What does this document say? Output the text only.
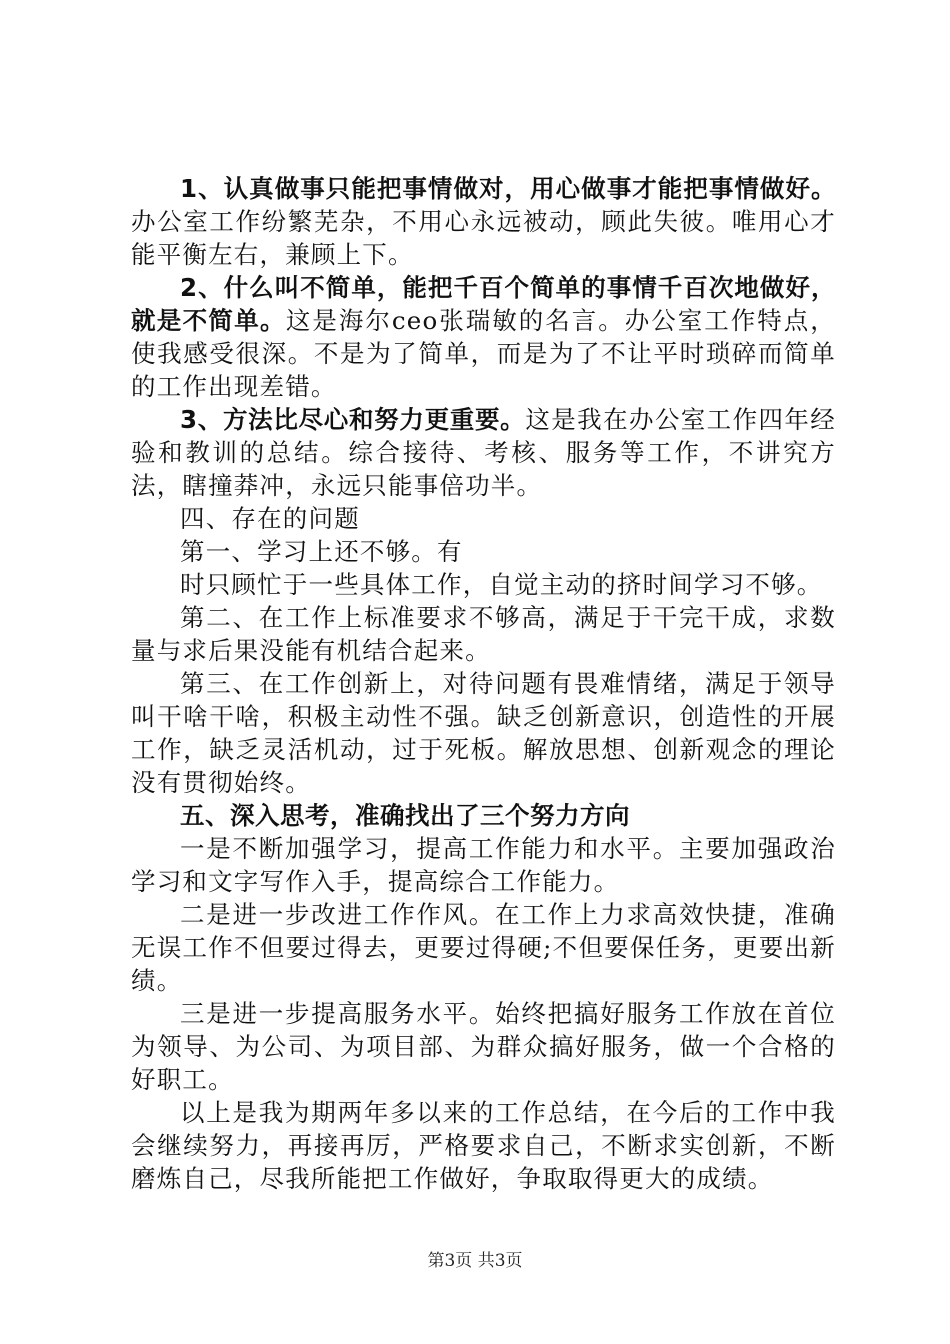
1、认真做事只能把事情做对，用心做事才能把事情做好。办公室工作纷繁芜杂，不用心永远被动，顾此失彼。唯用心才能平衡左右，兼顾上下。

2、什么叫不简单，能把千百个简单的事情千百次地做好，就是不简单。这是海尔ceo张瑞敏的名言。办公室工作特点，使我感受很深。不是为了简单，而是为了不让平时琐碎而简单的工作出现差错。

3、方法比尽心和努力更重要。这是我在办公室工作四年经验和教训的总结。综合接待、考核、服务等工作，不讲究方法，瞎撞莽冲，永远只能事倍功半。

四、存在的问题

第一、学习上还不够。有

时只顾忙于一些具体工作，自觉主动的挤时间学习不够。

第二、在工作上标准要求不够高，满足于干完干成，求数量与求后果没能有机结合起来。

第三、在工作创新上，对待问题有畏难情绪，满足于领导叫干啥干啥，积极主动性不强。缺乏创新意识，创造性的开展工作，缺乏灵活机动，过于死板。解放思想、创新观念的理论没有贯彻始终。

五、深入思考，准确找出了三个努力方向

一是不断加强学习，提高工作能力和水平。主要加强政治学习和文字写作入手，提高综合工作能力。

二是进一步改进工作作风。在工作上力求高效快捷，准确无误工作不但要过得去，更要过得硬;不但要保任务，更要出新绩。

三是进一步提高服务水平。始终把搞好服务工作放在首位为领导、为公司、为项目部、为群众搞好服务，做一个合格的好职工。

以上是我为期两年多以来的工作总结，在今后的工作中我会继续努力，再接再厉，严格要求自己，不断求实创新，不断磨炼自己，尽我所能把工作做好，争取取得更大的成绩。

第3页 共3页
